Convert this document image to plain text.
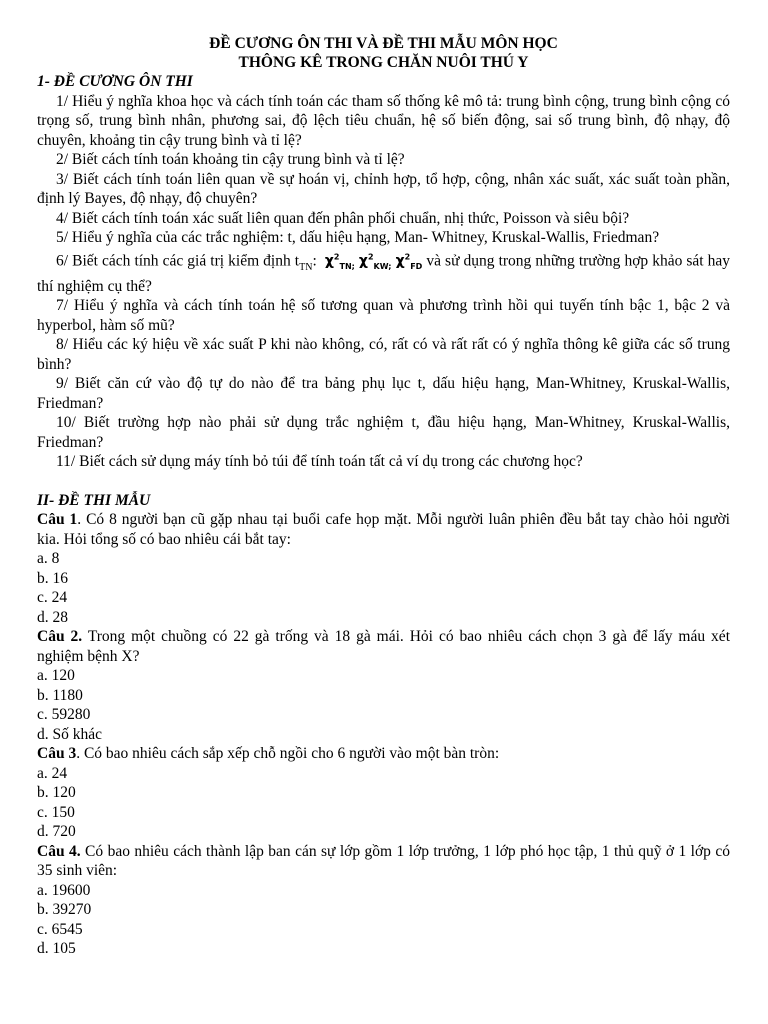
ĐỀ CƯƠNG ÔN THI VÀ ĐỀ THI MẪU MÔN HỌC

THÔNG KÊ TRONG CHĂN NUÔI THÚ Y

1- ĐỀ CƯƠNG ÔN THI

1/ Hiểu ý nghĩa khoa học và cách tính toán các tham số thống kê mô tả: trung bình cộng, trung bình cộng có trọng số, trung bình nhân, phương sai, độ lệch tiêu chuẩn, hệ số biến động, sai số trung bình, độ nhạy, độ chuyên, khoảng tin cậy trung bình và tỉ lệ?

2/ Biết cách tính toán khoảng tin cậy trung bình và tỉ lệ?

3/ Biết cách tính toán liên quan về sự hoán vị, chỉnh hợp, tổ hợp, cộng, nhân xác suất, xác suất toàn phần, định lý Bayes, độ nhạy, độ chuyên?

4/ Biết cách tính toán xác suất liên quan đến phân phối chuẩn, nhị thức, Poisson và siêu bội?

5/ Hiểu ý nghĩa của các trắc nghiệm: t, dấu hiệu hạng, Man- Whitney, Kruskal-Wallis, Friedman?

6/ Biết cách tính các giá trị kiểm định $t_{TN}$: $\chi^2_{TN;}$ $\chi^2_{KW;}$ $\chi^2_{FD}$ và sử dụng trong những trường hợp khảo sát hay thí nghiệm cụ thể?

7/ Hiểu ý nghĩa và cách tính toán hệ số tương quan và phương trình hồi qui tuyến tính bậc 1, bậc 2 và hyperbol, hàm số mũ?

8/ Hiểu các ký hiệu về xác suất P khi nào không, có, rất có và rất rất có ý nghĩa thông kê giữa các số trung bình?

9/ Biết căn cứ vào độ tự do nào để tra bảng phụ lục t, dấu hiệu hạng, Man-Whitney, Kruskal-Wallis, Friedman?

10/ Biết trường hợp nào phải sử dụng trắc nghiệm t, đầu hiệu hạng, Man-Whitney, Kruskal-Wallis, Friedman?

11/ Biết cách sử dụng máy tính bỏ túi để tính toán tất cả ví dụ trong các chương học?

II- ĐỀ THI MẪU

Câu 1. Có 8 người bạn cũ gặp nhau tại buổi cafe họp mặt. Mỗi người luân phiên đều bắt tay chào hỏi người kia. Hỏi tổng số có bao nhiêu cái bắt tay:

a. 8

b. 16

c. 24

d. 28

Câu 2. Trong một chuồng có 22 gà trống và 18 gà mái. Hỏi có bao nhiêu cách chọn 3 gà để lấy máu xét nghiệm bệnh X?

a. 120

b. 1180

c. 59280

d. Số khác

Câu 3. Có bao nhiêu cách sắp xếp chỗ ngồi cho 6 người vào một bàn tròn:

a. 24

b. 120

c. 150

d. 720

Câu 4. Có bao nhiêu cách thành lập ban cán sự lớp gồm 1 lớp trưởng, 1 lớp phó học tập, 1 thủ quỹ ở 1 lớp có 35 sinh viên:

a. 19600

b. 39270

c. 6545

d. 105
